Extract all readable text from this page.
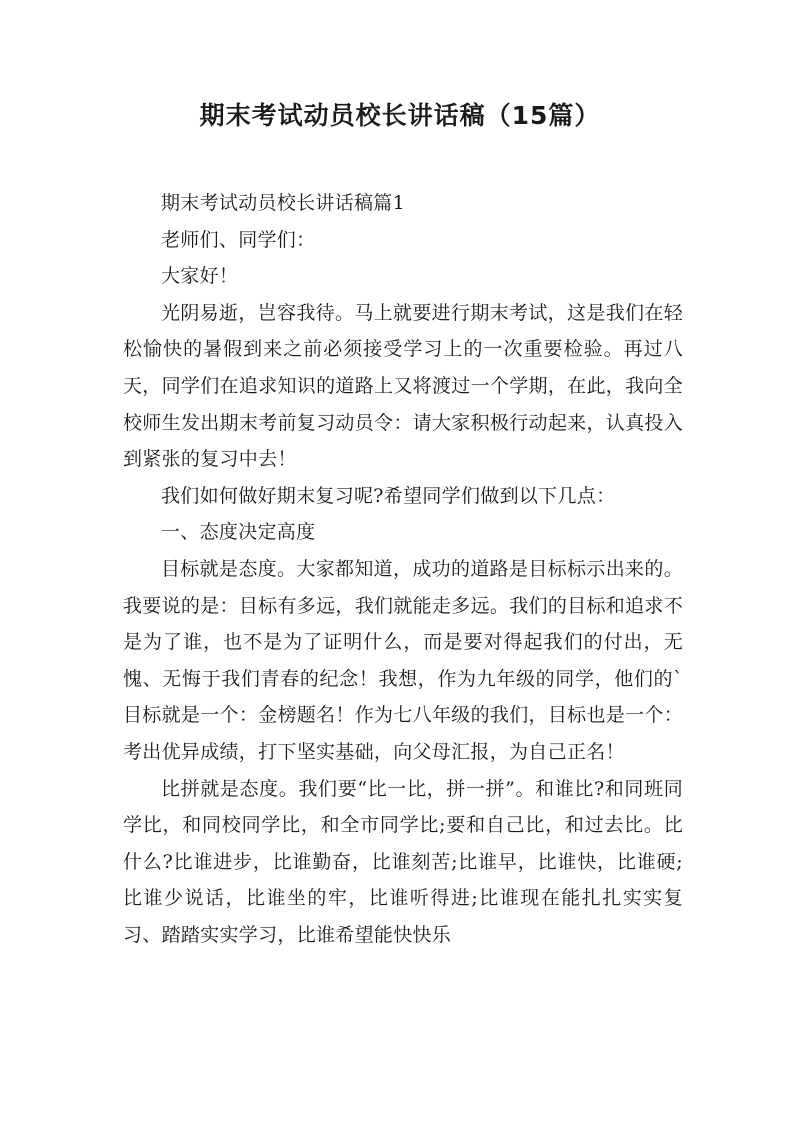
期末考试动员校长讲话稿（15篇）

期末考试动员校长讲话稿篇1

老师们、同学们：

大家好！

光阴易逝，岂容我待。马上就要进行期末考试，这是我们在轻松愉快的暑假到来之前必须接受学习上的一次重要检验。再过八天，同学们在追求知识的道路上又将渡过一个学期，在此，我向全校师生发出期末考前复习动员令：请大家积极行动起来，认真投入到紧张的复习中去！

我们如何做好期末复习呢?希望同学们做到以下几点：

一、态度决定高度

目标就是态度。大家都知道，成功的道路是目标标示出来的。我要说的是：目标有多远，我们就能走多远。我们的目标和追求不是为了谁，也不是为了证明什么，而是要对得起我们的付出，无愧、无悔于我们青春的纪念！我想，作为九年级的同学，他们的`目标就是一个：金榜题名！作为七八年级的我们，目标也是一个：考出优异成绩，打下坚实基础，向父母汇报，为自己正名！

比拼就是态度。我们要“比一比，拼一拼”。和谁比?和同班同学比，和同校同学比，和全市同学比;要和自己比，和过去比。比什么?比谁进步，比谁勤奋，比谁刻苦;比谁早，比谁快，比谁硬;比谁少说话，比谁坐的牢，比谁听得进;比谁现在能扎扎实实复习、踏踏实实学习，比谁希望能快快乐
